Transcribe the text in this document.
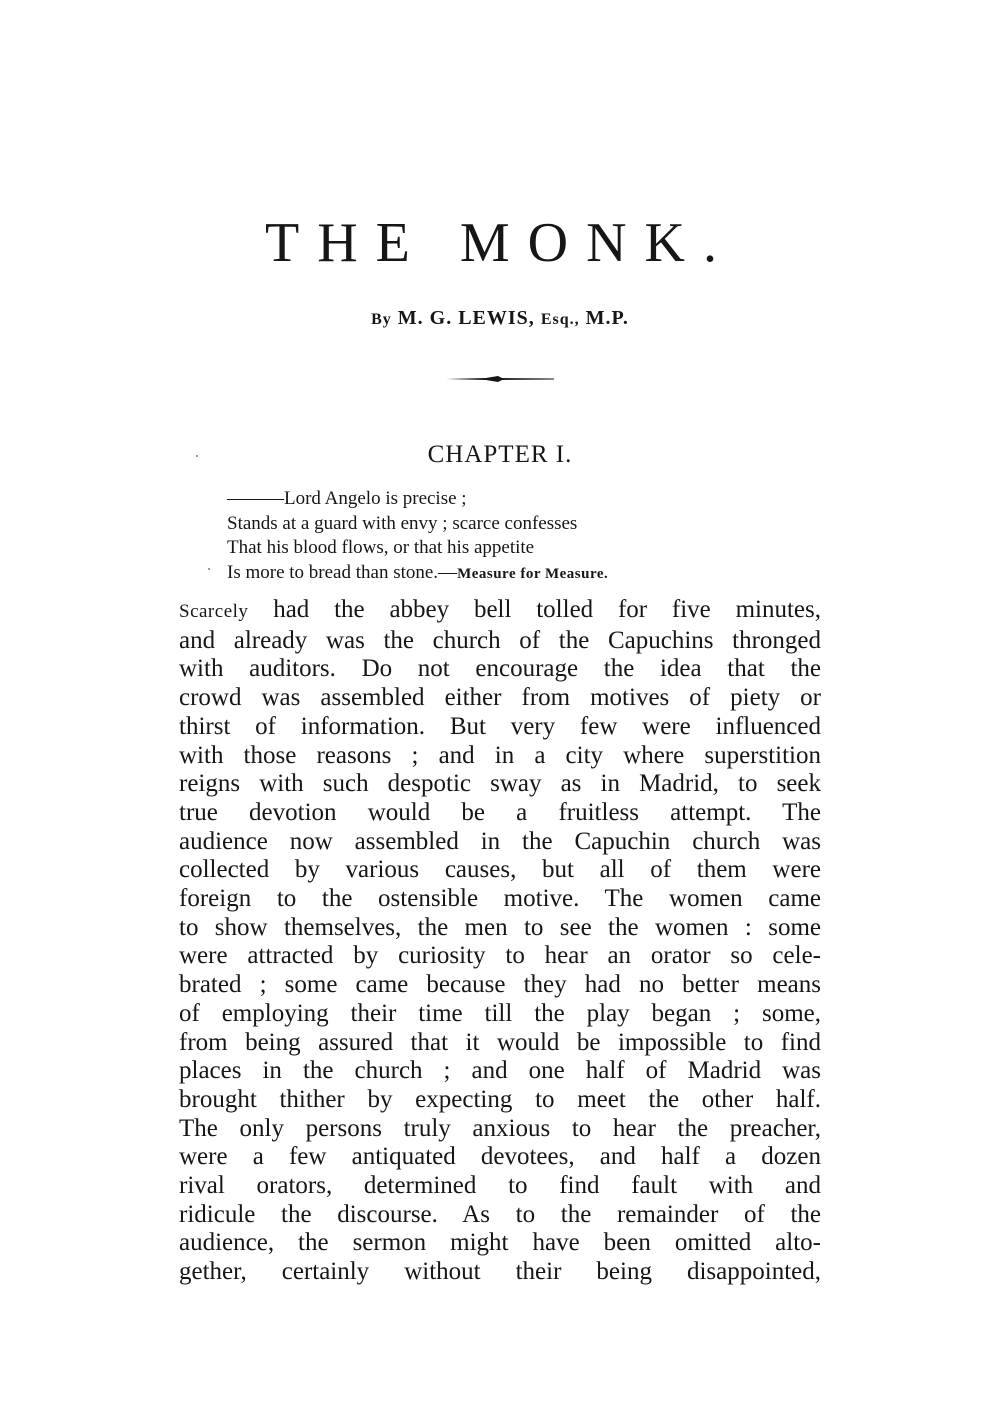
THE MONK.
By M. G. LEWIS, Esq., M.P.
CHAPTER I.
———Lord Angelo is precise ;
Stands at a guard with envy ; scarce confesses
That his blood flows, or that his appetite
Is more to bread than stone.—Measure for Measure.
Scarcely had the abbey bell tolled for five minutes,
and already was the church of the Capuchins thronged
with auditors. Do not encourage the idea that the
crowd was assembled either from motives of piety or
thirst of information. But very few were influenced
with those reasons ; and in a city where superstition
reigns with such despotic sway as in Madrid, to seek
true devotion would be a fruitless attempt. The
audience now assembled in the Capuchin church was
collected by various causes, but all of them were
foreign to the ostensible motive. The women came
to show themselves, the men to see the women : some
were attracted by curiosity to hear an orator so cele-
brated ; some came because they had no better means
of employing their time till the play began ; some,
from being assured that it would be impossible to find
places in the church ; and one half of Madrid was
brought thither by expecting to meet the other half.
The only persons truly anxious to hear the preacher,
were a few antiquated devotees, and half a dozen
rival orators, determined to find fault with and
ridicule the discourse. As to the remainder of the
audience, the sermon might have been omitted alto-
gether, certainly without their being disappointed,
